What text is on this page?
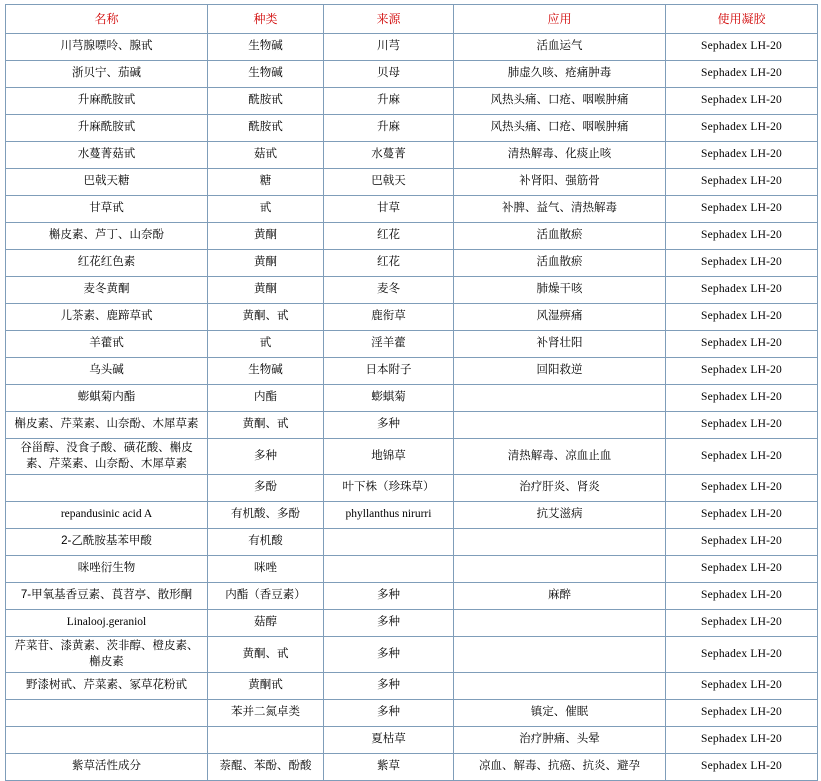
名称	种类	来源	应用	使用凝胶
川芎腺嘌呤、腺甙	生物碱	川芎	活血运气	Sephadex LH-20
浙贝宁、茄碱	生物碱	贝母	肺虚久咳、疮痛肿毒	Sephadex LH-20
升麻酰胺甙	酰胺甙	升麻	风热头痛、口疮、咽喉肿痛	Sephadex LH-20
升麻酰胺甙	酰胺甙	升麻	风热头痛、口疮、咽喉肿痛	Sephadex LH-20
水蔓菁菇甙	菇甙	水蔓菁	清热解毒、化痰止咳	Sephadex LH-20
巴戟天糖	糖	巴戟天	补肾阳、强筋骨	Sephadex LH-20
甘草甙	甙	甘草	补脾、益气、清热解毒	Sephadex LH-20
槲皮素、芦丁、山奈酚	黄酮	红花	活血散瘀	Sephadex LH-20
红花红色素	黄酮	红花	活血散瘀	Sephadex LH-20
麦冬黄酮	黄酮	麦冬	肺燥干咳	Sephadex LH-20
儿茶素、鹿蹄草甙	黄酮、甙	鹿衔草	风湿痹痛	Sephadex LH-20
羊藿甙	甙	淫羊藿	补肾壮阳	Sephadex LH-20
乌头碱	生物碱	日本附子	回阳救逆	Sephadex LH-20
蟛蜞菊内酯	内酯	蟛蜞菊		Sephadex LH-20
槲皮素、芹菜素、山奈酚、木犀草素	黄酮、甙	多种		Sephadex LH-20
谷甾醇、没食子酸、磺花酸、槲皮素、芹菜素、山奈酚、木犀草素	多种	地锦草	清热解毒、凉血止血	Sephadex LH-20
	多酚	叶下株（珍珠草）	治疗肝炎、肾炎	Sephadex LH-20
repandusinic acid A	有机酸、多酚	phyllanthus nirurri	抗艾滋病	Sephadex LH-20
2-乙酰胺基苯甲酸	有机酸			Sephadex LH-20
咪唑衍生物	咪唑			Sephadex LH-20
7-甲氧基香豆素、莨苕亭、散形酮	内酯（香豆素）	多种	麻醉	Sephadex LH-20
Linalooj.geraniol	菇醇	多种		Sephadex LH-20
芹菜苷、漆黄素、茨非醇、橙皮素、槲皮素	黄酮、甙	多种		Sephadex LH-20
野漆树甙、芹菜素、冢草花粉甙	黄酮甙	多种		Sephadex LH-20
	苯并二氮卓类	多种	镇定、催眠	Sephadex LH-20
		夏枯草	治疗肿痛、头晕	Sephadex LH-20
紫草活性成分	萘醌、苯酚、酚酸	紫草	凉血、解毒、抗癌、抗炎、避孕	Sephadex LH-20
